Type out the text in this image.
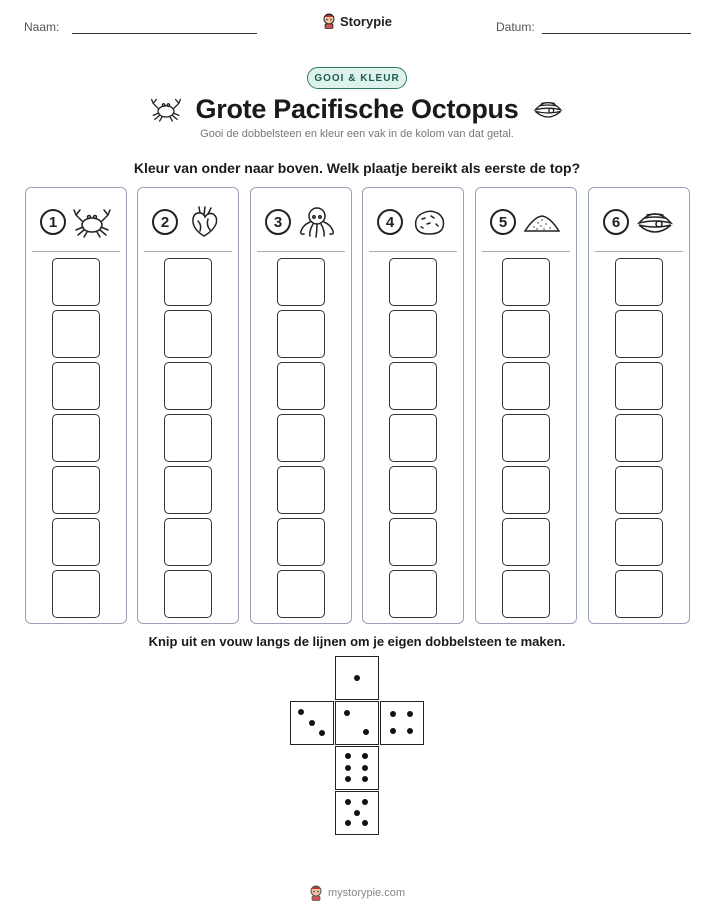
Naam:	Datum:
Storypie
GOOI & KLEUR
Grote Pacifische Octopus
Gooi de dobbelsteen en kleur een vak in de kolom van dat getal.
Kleur van onder naar boven. Welk plaatje bereikt als eerste de top?
1	2	3	4	5	6
Knip uit en vouw langs de lijnen om je eigen dobbelsteen te maken.
mystorypie.com
